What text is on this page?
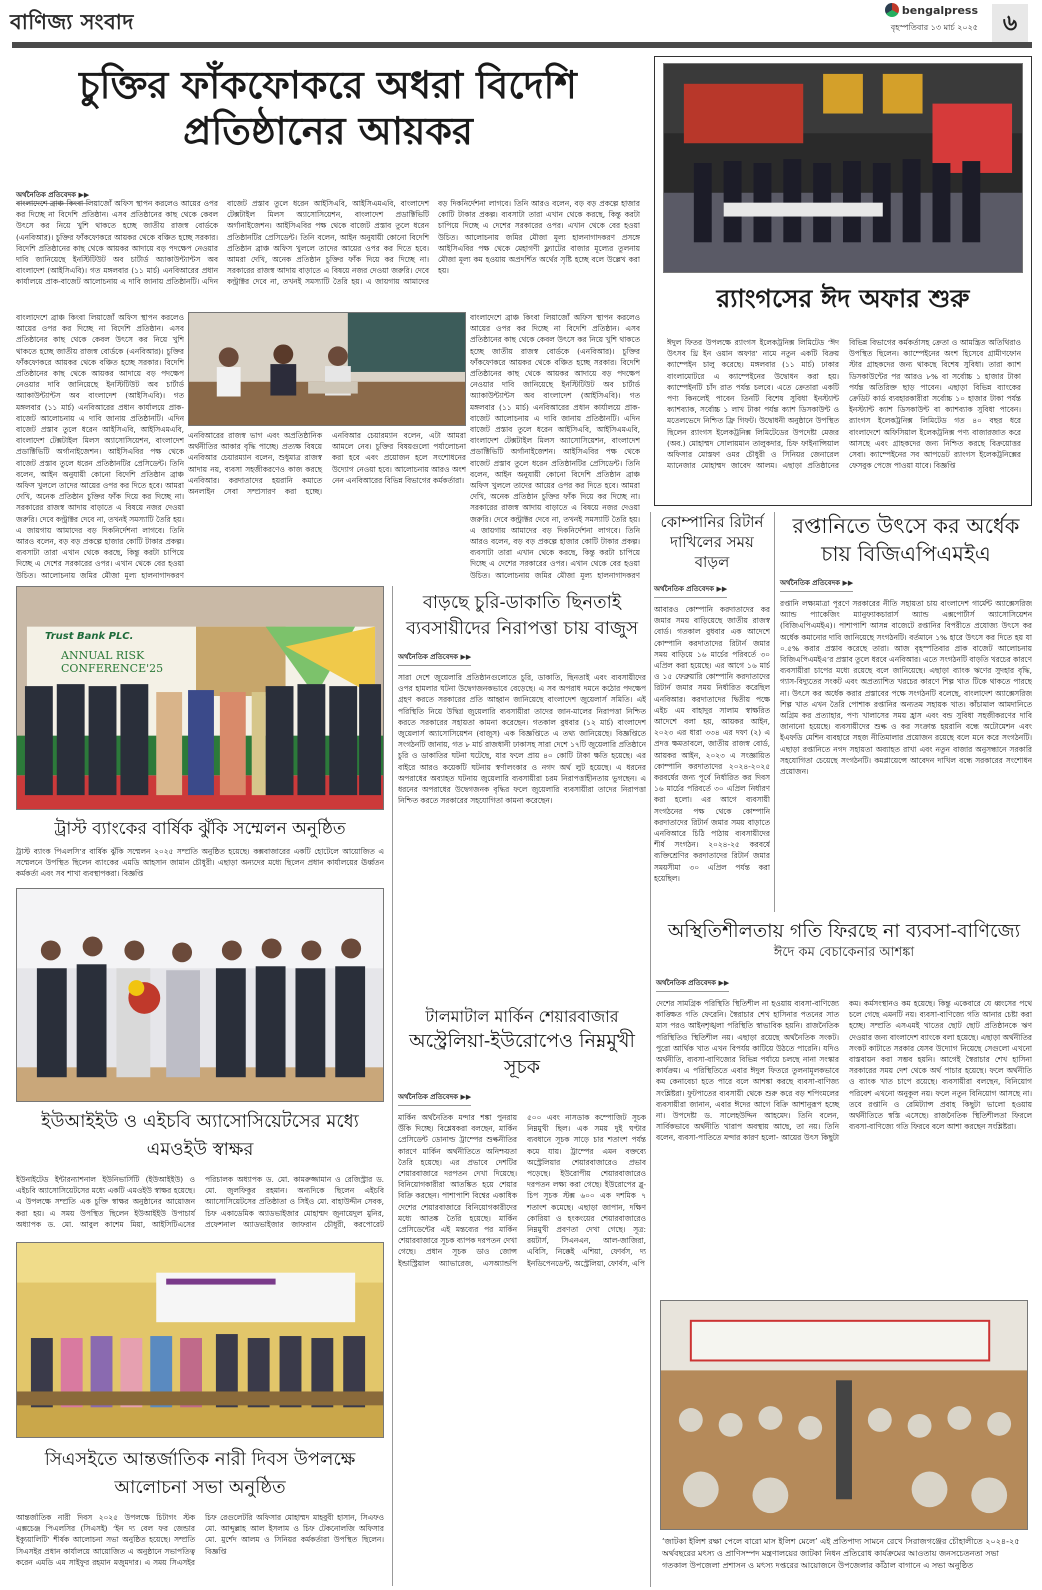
বাণিজ্য সংবাদ	bengalpress
বৃহস্পতিবার ১৩ মার্চ ২০২৫	৬
চুক্তির ফাঁকফোকরে অধরা বিদেশি প্রতিষ্ঠানের আয়কর
অর্থনৈতিক প্রতিবেদক ▶▶
বাংলাদেশে ব্রাঞ্চ কিংবা লিয়াজোঁ অফিস স্থাপন করলেও আয়ের ওপর কর দিচ্ছে না বিদেশি প্রতিষ্ঠান। এসব প্রতিষ্ঠানের কাছ থেকে কেবল উৎসে কর নিয়ে খুশি থাকতে হচ্ছে জাতীয় রাজস্ব বোর্ডকে (এনবিআর)। চুক্তির ফাঁকফোকরে আয়কর থেকে বঞ্চিত হচ্ছে সরকার। বিদেশি প্রতিষ্ঠানের কাছ থেকে আয়কর আদায়ে বড় পদক্ষেপ নেওয়ার দাবি জানিয়েছে ইনস্টিটিউট অব চার্টার্ড অ্যাকাউন্ট্যান্টস অব বাংলাদেশ (আইসিএবি)। গত মঙ্গলবার (১১ মার্চ) এনবিআরের প্রধান কার্যালয়ে প্রাক-বাজেট আলোচনায় এ দাবি জানায় প্রতিষ্ঠানটি। এদিন বাজেট প্রস্তাব তুলে ধরেন আইসিএবি, আইসিএমএবি, বাংলাদেশ টেক্সটাইল মিলস অ্যাসোসিয়েশন, বাংলাদেশ প্রডাক্টিভিটি অর্গানাইজেশন। আইসিএবির পক্ষ থেকে বাজেট প্রস্তাব তুলে ধরেন প্রতিষ্ঠানটির প্রেসিডেন্ট। তিনি বলেন, আইন অনুযায়ী কোনো বিদেশি প্রতিষ্ঠান ব্রাঞ্চ অফিস খুললে তাদের আয়ের ওপর কর দিতে হবে। আমরা দেখি, অনেক প্রতিষ্ঠান চুক্তির ফাঁক দিয়ে কর দিচ্ছে না। সরকারের রাজস্ব আদায় বাড়াতে এ বিষয়ে নজর দেওয়া জরুরি। দেবে কন্ট্রাক্টর দেবে না, তখনই সমস্যাটি তৈরি হয়। এ জায়গায় আমাদের বড় দিকনির্দেশনা লাগবে। তিনি আরও বলেন, বড় বড় প্রকল্পে হাজার কোটি টাকার প্রকল্প। ব্যবসাটা তারা এখান থেকে করছে, কিন্তু করটা চাপিয়ে দিচ্ছে এ দেশের সরকারের ওপর। এখান থেকে বের হওয়া উচিত। আলোচনায় জমির মৌজা মূল্য হালনাগাদকরণ প্রসঙ্গে আইসিএবির পক্ষ থেকে মেহাগণী ফ্ল্যাটের বাজার মূল্যের তুলনায় মৌজা মূল্য কম হওয়ায় অপ্রদর্শিত অর্থের সৃষ্টি হচ্ছে বলে উল্লেখ করা হয়।
বাংলাদেশে ব্রাঞ্চ কিংবা লিয়াজোঁ অফিস স্থাপন করলেও আয়ের ওপর কর দিচ্ছে না বিদেশি প্রতিষ্ঠান। এসব প্রতিষ্ঠানের কাছ থেকে কেবল উৎসে কর নিয়ে খুশি থাকতে হচ্ছে জাতীয় রাজস্ব বোর্ডকে (এনবিআর)। চুক্তির ফাঁকফোকরে আয়কর থেকে বঞ্চিত হচ্ছে সরকার। বিদেশি প্রতিষ্ঠানের কাছ থেকে আয়কর আদায়ে বড় পদক্ষেপ নেওয়ার দাবি জানিয়েছে ইনস্টিটিউট অব চার্টার্ড অ্যাকাউন্ট্যান্টস অব বাংলাদেশ (আইসিএবি)। গত মঙ্গলবার (১১ মার্চ) এনবিআরের প্রধান কার্যালয়ে প্রাক-বাজেট আলোচনায় এ দাবি জানায় প্রতিষ্ঠানটি। এদিন বাজেট প্রস্তাব তুলে ধরেন আইসিএবি, আইসিএমএবি, বাংলাদেশ টেক্সটাইল মিলস অ্যাসোসিয়েশন, বাংলাদেশ প্রডাক্টিভিটি অর্গানাইজেশন। আইসিএবির পক্ষ থেকে বাজেট প্রস্তাব তুলে ধরেন প্রতিষ্ঠানটির প্রেসিডেন্ট। তিনি বলেন, আইন অনুযায়ী কোনো বিদেশি প্রতিষ্ঠান ব্রাঞ্চ অফিস খুললে তাদের আয়ের ওপর কর দিতে হবে। আমরা দেখি, অনেক প্রতিষ্ঠান চুক্তির ফাঁক দিয়ে কর দিচ্ছে না। সরকারের রাজস্ব আদায় বাড়াতে এ বিষয়ে নজর দেওয়া জরুরি। দেবে কন্ট্রাক্টর দেবে না, তখনই সমস্যাটি তৈরি হয়। এ জায়গায় আমাদের বড় দিকনির্দেশনা লাগবে। তিনি আরও বলেন, বড় বড় প্রকল্পে হাজার কোটি টাকার প্রকল্প। ব্যবসাটা তারা এখান থেকে করছে, কিন্তু করটা চাপিয়ে দিচ্ছে এ দেশের সরকারের ওপর। এখান থেকে বের হওয়া উচিত। আলোচনায় জমির মৌজা মূল্য হালনাগাদকরণ
বাংলাদেশে ব্রাঞ্চ কিংবা লিয়াজোঁ অফিস স্থাপন করলেও আয়ের ওপর কর দিচ্ছে না বিদেশি প্রতিষ্ঠান। এসব প্রতিষ্ঠানের কাছ থেকে কেবল উৎসে কর নিয়ে খুশি থাকতে হচ্ছে জাতীয় রাজস্ব বোর্ডকে (এনবিআর)। চুক্তির ফাঁকফোকরে আয়কর থেকে বঞ্চিত হচ্ছে সরকার। বিদেশি প্রতিষ্ঠানের কাছ থেকে আয়কর আদায়ে বড় পদক্ষেপ নেওয়ার দাবি জানিয়েছে ইনস্টিটিউট অব চার্টার্ড অ্যাকাউন্ট্যান্টস অব বাংলাদেশ (আইসিএবি)। গত মঙ্গলবার (১১ মার্চ) এনবিআরের প্রধান কার্যালয়ে প্রাক-বাজেট আলোচনায় এ দাবি জানায় প্রতিষ্ঠানটি। এদিন বাজেট প্রস্তাব তুলে ধরেন আইসিএবি, আইসিএমএবি, বাংলাদেশ টেক্সটাইল মিলস অ্যাসোসিয়েশন, বাংলাদেশ প্রডাক্টিভিটি অর্গানাইজেশন। আইসিএবির পক্ষ থেকে বাজেট প্রস্তাব তুলে ধরেন প্রতিষ্ঠানটির প্রেসিডেন্ট। তিনি বলেন, আইন অনুযায়ী কোনো বিদেশি প্রতিষ্ঠান ব্রাঞ্চ অফিস খুললে তাদের আয়ের ওপর কর দিতে হবে। আমরা দেখি, অনেক প্রতিষ্ঠান চুক্তির ফাঁক দিয়ে কর দিচ্ছে না। সরকারের রাজস্ব আদায় বাড়াতে এ বিষয়ে নজর দেওয়া জরুরি। দেবে কন্ট্রাক্টর দেবে না, তখনই সমস্যাটি তৈরি হয়। এ জায়গায় আমাদের বড় দিকনির্দেশনা লাগবে। তিনি আরও বলেন, বড় বড় প্রকল্পে হাজার কোটি টাকার প্রকল্প। ব্যবসাটা তারা এখান থেকে করছে, কিন্তু করটা চাপিয়ে দিচ্ছে এ দেশের সরকারের ওপর। এখান থেকে বের হওয়া উচিত। আলোচনায় জমির মৌজা মূল্য হালনাগাদকরণ
এনবিআরের রাজস্ব ভাগ এবং অপ্রতিষ্ঠানিক অর্থনীতির আকার বৃদ্ধি পাচ্ছে। প্রত্যক্ষ বিষয়ে এনবিআর চেয়ারম্যান বলেন, শুধুমাত্র রাজস্ব আদায় নয়, ব্যবসা সহজীকরণেও কাজ করছে এনবিআর। করদাতাদের হয়রানি কমাতে অনলাইন সেবা সম্প্রসারণ করা হচ্ছে। এনবিআর চেয়ারম্যান বলেন, এটা আমরা আমলে নেব। চুক্তির বিষয়গুলো পর্যালোচনা করা হবে এবং প্রয়োজন হলে সংশোধনের উদ্যোগ নেওয়া হবে। আলোচনায় আরও অংশ নেন এনবিআরের বিভিন্ন বিভাগের কর্মকর্তারা।
র‍্যাংগসের ঈদ অফার শুরু
ঈদুল ফিতর উপলক্ষে র‍্যাংগস ইলেকট্রনিক্স লিমিটেড ‘ঈদ উৎসব থ্রি ইন ওয়ান অফার’ নামে নতুন একটি বিক্রয় ক্যাম্পেইন চালু করেছে। মঙ্গলবার (১১ মার্চ) ঢাকার বাংলামোটরে এ ক্যাম্পেইনের উদ্বোধন করা হয়। ক্যাম্পেইনটি চাঁদ রাত পর্যন্ত চলবে। এতে ক্রেতারা একটি পণ্য কিনলেই পাবেন তিনটি বিশেষ সুবিধা ইনস্ট্যান্ট ক্যাশব্যাক, সর্বোচ্চ ১ লাখ টাকা পর্যন্ত ক্যাশ ডিসকাউন্ট ও মতেলভেদে নিশ্চিত ফ্রি গিফট। উদ্বোধনী অনুষ্ঠানে উপস্থিত ছিলেন র‍্যাংগস ইলেকট্রনিক্স লিমিটেডের উপদেষ্টা মেজর (অব.) মোহাম্মদ সোলায়মান তালুকদার, চিফ ফাইনান্সিয়াল অফিসার মোস্তফা ওমর চৌধুরী ও সিনিয়র জেনারেল ম্যানেজার মোহাম্মদ জাবেদ আলম। এছাড়া প্রতিষ্ঠানের বিভিন্ন বিভাগের কর্মকর্তাসহ ক্রেতা ও আমন্ত্রিত অতিথিরাও উপস্থিত ছিলেন। ক্যাম্পেইনের অংশ হিসেবে গ্রামীণফোন স্টার গ্রাহকদের জন্য থাকছে বিশেষ সুবিধা। তারা ক্যাশ ডিসকাউন্টের পর আরও ৮% বা সর্বোচ্চ ১ হাজার টাকা পর্যন্ত অতিরিক্ত ছাড় পাবেন। এছাড়া বিভিন্ন ব্যাংকের ক্রেডিট কার্ড ব্যবহারকারীরা সর্বোচ্চ ১০ হাজার টাকা পর্যন্ত ইনস্ট্যান্ট ক্যাশ ডিসকাউন্ট বা ক্যাশব্যাক সুবিধা পাবেন। র‍্যাংগস ইলেকট্রনিক্স লিমিটেড গত ৪০ বছর ধরে বাংলাদেশে অফিসিয়াল ইলেকট্রনিক্স পণ্য বাজারজাত করে আসছে এবং গ্রাহকদের জন্য নিশ্চিত করছে বিক্রয়োত্তর সেবা। ক্যাম্পেইনের সব আপডেট র‍্যাংগস ইলেকট্রনিক্সের ফেসবুক পেজে পাওয়া যাবে। বিজ্ঞপ্তি
কোম্পানির রিটার্ন দাখিলের সময় বাড়ল
অর্থনৈতিক প্রতিবেদক ▶▶
আবারও কোম্পানি করদাতাদের কর জমার সময় বাড়িয়েছে জাতীয় রাজস্ব বোর্ড। গতকাল বুধবার এক আদেশে কোম্পানি করদাতাদের রিটার্ন জমার সময় বাড়িয়ে ১৬ মার্চের পরিবর্তে ৩০ এপ্রিল করা হয়েছে। এর আগে ১৬ মার্চ ও ১৫ ফেব্রুয়ারি কোম্পানি করদাতাদের রিটার্ন জমার সময় নির্ধারিত করেছিল এনবিআর। করদাতাদের দ্বিতীয় পক্ষে এইচ এম বাহাদুর সালাম স্বাক্ষরিত আদেশে বলা হয়, আয়কর আইন, ২০২৩ এর ধারা ৩৩৪ এর দফা (২) এ প্রদত্ত ক্ষমতাবলে, জাতীয় রাজস্ব বোর্ড, আয়কর আইন, ২০২৩ এ সংজ্ঞায়িত কোম্পানি করদাতাদের ২০২৪-২০২৫ করবর্ষের জন্য পূর্বে নির্ধারিত কর দিবস ১৬ মার্চের পরিবর্তে ৩০ এপ্রিল নির্ধারণ করা হলো। এর আগে ব্যবসায়ী সংগঠনের পক্ষ থেকে কোম্পানি করদাতাদের রিটার্ন জমার সময় বাড়াতে এনবিআরে চিঠি পাঠায় ব্যবসায়ীদের শীর্ষ সংগঠন। ২০২৪-২৫ করবর্ষে ব্যক্তিশ্রেণির করদাতাদের রিটার্ন জমার সময়সীমা ৩০ এপ্রিল পর্যন্ত করা হয়েছিল।
রপ্তানিতে উৎসে কর অর্ধেক চায় বিজিএপিএমইএ
অর্থনৈতিক প্রতিবেদক ▶▶
রপ্তানি লক্ষ্যমাত্রা পূরণে সরকারের নীতি সহায়তা চায় বাংলাদেশ গার্মেন্ট অ্যাক্সেসরিজ অ্যান্ড প্যাকেজিং ম্যানুফ্যাকচারার্স অ্যান্ড এক্সপোর্টার্স অ্যাসোসিয়েশন (বিজিএপিএমইএ)। পাশাপাশি আসন্ন বাজেটে রপ্তানির বিপরীতে প্রযোজ্য উৎসে কর অর্ধেক কমানোর দাবি জানিয়েছে সংগঠনটি। বর্তমানে ১% হারে উৎসে কর দিতে হয় যা ০.৫% করার প্রস্তাব করেছে তারা। আজ বৃহস্পতিবার প্রাক বাজেট আলোচনায় বিজিএপিএমইএ’র প্রস্তাব তুলে ধরবে এনবিআর। এতে সংগঠনটি বাড়তি খরচের কারণে ব্যবসায়ীরা চাপের মধ্যে রয়েছে বলে জানিয়েছে। এছাড়া ব্যাংক ঋণের সুদহার বৃদ্ধি, গ্যাস-বিদ্যুতের সংকট এবং অপ্রত্যাশিত খরচের কারণে শিল্প খাত টিকে থাকতে পারছে না। উৎসে কর অর্ধেক করার প্রস্তাবের পক্ষে সংগঠনটি বলেছে, বাংলাদেশ অ্যাক্সেসরিজ শিল্প খাত এখন তৈরি পোশাক রপ্তানির অন্যতম সহায়ক খাত। কাঁচামাল আমদানিতে অগ্রিম কর প্রত্যাহার, পণ্য খালাসের সময় হ্রাস এবং বন্ড সুবিধা সহজীকরণের দাবি জানানো হয়েছে। ব্যবসায়ীদের শুল্ক ও কর সংক্রান্ত হয়রানি বন্ধে অটোমেশন এবং ইএফডি মেশিন ব্যবহারে সহজ নীতিমালার প্রয়োজন রয়েছে বলে মনে করে সংগঠনটি। এছাড়া রপ্তানিতে নগদ সহায়তা অব্যাহত রাখা এবং নতুন বাজার অনুসন্ধানে সরকারি সহযোগিতা চেয়েছে সংগঠনটি। কমপ্লায়েন্সে আবেদন দাখিল বন্ধে সরকারের সংশোধন প্রয়োজন।
Trust Bank PLC.
ANNUAL RISK CONFERENCE'25
ট্রাস্ট ব্যাংকের বার্ষিক ঝুঁকি সম্মেলন অনুষ্ঠিত
ট্রাস্ট ব্যাংক পিএলসি’র বার্ষিক ঝুঁকি সম্মেলন ২০২৫ সম্প্রতি অনুষ্ঠিত হয়েছে। কক্সবাজারের একটি হোটেলে আয়োজিত এ সম্মেলনে উপস্থিত ছিলেন ব্যাংকের এমডি আহসান জামান চৌধুরী। এছাড়া অন্যদের মধ্যে ছিলেন প্রধান কার্যালয়ের ঊর্ধ্বতন কর্মকর্তা এবং সব শাখা ব্যবস্থাপকরা। বিজ্ঞপ্তি
বাড়ছে চুরি-ডাকাতি ছিনতাই ব্যবসায়ীদের নিরাপত্তা চায় বাজুস
অর্থনৈতিক প্রতিবেদক ▶▶
সারা দেশে জুয়েলারি প্রতিষ্ঠানগুলোতে চুরি, ডাকাতি, ছিনতাই এবং ব্যবসায়ীদের ওপর হামলার ঘটনা উদ্বেগজনকভাবে বেড়েছে। এ সব অপরাধ দমনে কঠোর পদক্ষেপ গ্রহণ করতে সরকারের প্রতি আহ্বান জানিয়েছে বাংলাদেশ জুয়েলার্স সমিতি। এই পরিস্থিতি নিয়ে উদ্বিগ্ন জুয়েলারি ব্যবসায়ীরা তাদের জান-মালের নিরাপত্তা নিশ্চিত করতে সরকারের সহায়তা কামনা করেছেন। গতকাল বুধবার (১২ মার্চ) বাংলাদেশ জুয়েলার্স অ্যাসোসিয়েশন (বাজুস) এক বিজ্ঞপ্তিতে এ তথ্য জানিয়েছে। বিজ্ঞপ্তিতে সংগঠনটি জানায়, গত ৮ মার্চ রাজধানী ঢাকাসহ সারা দেশে ১৭টি জুয়েলারি প্রতিষ্ঠানে চুরি ও ডাকাতির ঘটনা ঘটেছে, যার ফলে প্রায় ৪০ কোটি টাকা ক্ষতি হয়েছে। এর বাইরে আরও কয়েকটি ঘটনায় স্বর্ণালংকার ও নগদ অর্থ লুট হয়েছে। এ ধরনের অপরাধের অব্যাহত ঘটনায় জুয়েলারি ব্যবসায়ীরা চরম নিরাপত্তাহীনতায় ভুগছেন। এ ধরনের অপরাধের উদ্বেগজনক বৃদ্ধির ফলে জুয়েলারি ব্যবসায়ীরা তাদের নিরাপত্তা নিশ্চিত করতে সরকারের সহযোগিতা কামনা করেছেন।
টালমাটাল মার্কিন শেয়ারবাজার
অস্ট্রেলিয়া-ইউরোপেও নিম্নমুখী সূচক
অর্থনৈতিক প্রতিবেদক ▶▶
মার্কিন অর্থনৈতিক মন্দার শঙ্কা পুনরায় উঁকি দিচ্ছে। বিশ্লেষকরা বলছেন, মার্কিন প্রেসিডেন্ট ডোনাল্ড ট্রাম্পের শুল্কনীতির কারণে মার্কিন অর্থনীতিতে অনিশ্চয়তা তৈরি হয়েছে। এর প্রভাবে দেশটির শেয়ারবাজারে দরপতন দেখা দিয়েছে। বিনিয়োগকারীরা আতঙ্কিত হয়ে শেয়ার বিক্রি করছেন। পাশাপাশি বিশ্বের একাধিক দেশের শেয়ারবাজারে বিনিয়োগকারীদের মধ্যে আতঙ্ক তৈরি হয়েছে। মার্কিন প্রেসিডেন্টের এই মন্তব্যের পর মার্কিন শেয়ারবাজারে সূচক ব্যাপক দরপতন দেখা গেছে। প্রধান সূচক ডাও জোন্স ইন্ডাস্ট্রিয়াল অ্যাভারেজ, এসঅ্যান্ডপি ৫০০ এবং নাসডাক কম্পোজিট সূচক নিম্নমুখী ছিল। এক সময় দুই ঘণ্টার ব্যবধানে সূচক সাড়ে চার শতাংশ পর্যন্ত কমে যায়। ট্রাম্পের এমন বক্তব্যে অস্ট্রেলিয়ার শেয়ারবাজারেও প্রভাব পড়েছে। ইউরোপীয় শেয়ারবাজারেও দরপতন লক্ষ্য করা গেছে। ইউরোপের ব্লু-চিপ সূচক স্টক্স ৬০০ এক দশমিক ৭ শতাংশ কমেছে। এছাড়া জাপান, দক্ষিণ কোরিয়া ও হংকংয়ের শেয়ারবাজারেও নিম্নমুখী প্রবণতা দেখা গেছে। সূত্র: রয়টার্স, সিএনএন, আল-জাজিরা, এবিসি, নিক্কেই এশিয়া, ফোর্বস, দ্য ইনডিপেনডেন্ট, অস্ট্রেলিয়া, ফোর্বস, এপি
অস্থিতিশীলতায় গতি ফিরছে না ব্যবসা-বাণিজ্যে
ঈদে কম বেচাকেনার আশঙ্কা
অর্থনৈতিক প্রতিবেদক ▶▶
দেশের সামগ্রিক পরিস্থিতি স্থিতিশীল না হওয়ায় ব্যবসা-বাণিজ্যে কাঙ্ক্ষিত গতি ফেরেনি। স্বৈরাচার শেখ হাসিনার পতনের সাত মাস পরও আইনশৃঙ্খলা পরিস্থিতি স্বাভাবিক হয়নি। রাজনৈতিক পরিস্থিতিও স্থিতিশীল নয়। এছাড়া রয়েছে অর্থনৈতিক সংকট। পুরো আর্থিক খাত এখন বিপর্যয় কাটিয়ে উঠতে পারেনি। যদিও অর্থনীতি, ব্যবসা-বাণিজ্যের বিভিন্ন পর্যায়ে চলছে নানা সংস্কার কার্যক্রম। এ পরিস্থিতিতে এবার ঈদুল ফিতরে তুলনামূলকভাবে কম কেনাবেচা হতে পারে বলে আশঙ্কা করছে ব্যবসা-বাণিজ্য সংশ্লিষ্টরা। ফুটপাতের ব্যবসায়ী থেকে শুরু করে বড় শপিংমলের ব্যবসায়ীরা জানান, এবার ঈদের আগে বিক্রি আশানুরূপ হচ্ছে না। উপদেষ্টা ড. সালেহউদ্দিন আহমেদ। তিনি বলেন, সার্বিকভাবে অর্থনীতি খারাপ অবস্থায় আছে, তা নয়। তিনি বলেন, ব্যবসা-পাতিতে মন্দার কারণ হলো- আয়ের উৎস কিছুটা কম। কর্মসংস্থানও কম হয়েছে। কিন্তু একেবারে যে ধ্বংসের পথে চলে গেছে এমনটি নয়। ব্যবসা-বাণিজ্যে গতি আনার চেষ্টা করা হচ্ছে। সম্প্রতি এসএমই খাতের ছোট ছোট প্রতিষ্ঠানকে ঋণ দেওয়ার জন্য বাংলাদেশ ব্যাংকে বলা হয়েছে। এছাড়া অর্থনীতির সংকট কাটাতে সরকার যেসব উদ্যোগ নিয়েছে সেগুলো এখনো বাস্তবায়ন করা সম্ভব হয়নি। আগেই স্বৈরাচার শেখ হাসিনা সরকারের সময় দেশ থেকে অর্থ পাচার হয়েছে। ফলে অর্থনীতি ও ব্যাংক খাত চাপে রয়েছে। ব্যবসায়ীরা বলছেন, বিনিয়োগ পরিবেশ এখনো অনুকূল নয়। ফলে নতুন বিনিয়োগ আসছে না। তবে রপ্তানি ও রেমিট্যান্স প্রবাহ কিছুটা ভালো হওয়ায় অর্থনীতিতে স্বস্তি এসেছে। রাজনৈতিক স্থিতিশীলতা ফিরলে ব্যবসা-বাণিজ্যে গতি ফিরবে বলে আশা করছেন সংশ্লিষ্টরা।
‘জাটকা ইলিশ রক্ষা পেলে বারো মাস ইলিশ মেলে’ এই প্রতিপাদ্য সামনে রেখে সিরাজগঞ্জের চৌহালীতে ২০২৪-২৫ অর্থবছরের মৎস্য ও প্রাণিসম্পদ মন্ত্রণালয়ের জাটকা নিধন প্রতিরোধ কার্যক্রমের আওতায় জনসচেতনতা সভা গতকাল উপজেলা প্রশাসন ও মৎস্য দপ্তরের আয়োজনে উপজেলার কাঁঠাল বাগানে এ সভা অনুষ্ঠিত
ইউআইইউ ও এইচবি অ্যাসোসিয়েটসের মধ্যে এমওইউ স্বাক্ষর
ইউনাইটেড ইন্টারন্যাশনাল ইউনিভার্সিটি (ইউআইইউ) ও এইচবি অ্যাসোসিয়েটসের মধ্যে একটি এমওইউ স্বাক্ষর হয়েছে। এ উপলক্ষে সম্প্রতি এক চুক্তি স্বাক্ষর অনুষ্ঠানের আয়োজন করা হয়। এ সময় উপস্থিত ছিলেন ইউআইইউ উপাচার্য অধ্যাপক ড. মো. আবুল কাশেম মিয়া, আইসিটিএসের পরিচালক অধ্যাপক ড. মো. কামরুজ্জামান ও রেজিস্ট্রার ড. মো. জুলফিকুর রহমান। অন্যদিকে ছিলেন এইচবি অ্যাসোসিয়েটসের প্রতিষ্ঠাতা ও সিইও মো. বাহাউদ্দীন সেবক, চিফ একাডেমিক অ্যাডভাইজার মোহাম্মদ জুনায়েদুল মুনির, প্রফেশনাল অ্যাডভাইজার জাফরান চৌধুরী, করপোরেট
সিএসইতে আন্তর্জাতিক নারী দিবস উপলক্ষে আলোচনা সভা অনুষ্ঠিত
আন্তর্জাতিক নারী দিবস ২০২৫ উপলক্ষে চিটাগং স্টক এক্সচেঞ্জ পিএলসির (সিএসই) ‘ইন দ্য বেল ফর জেন্ডার ইক্যুয়ালিটি’ শীর্ষক আলোচনা সভা অনুষ্ঠিত হয়েছে। সম্প্রতি সিএসইর প্রধান কার্যালয়ে আয়োজিত এ অনুষ্ঠানে সভাপতিত্ব করেন এমডি এম সাইফুর রহমান মজুমদার। এ সময় সিএসইর চিফ রেগুলেটরি অফিসার মোহাম্মদ মাহবুবী হাসান, সিএফও মো. আব্দুল্লাহ আল ইসলাম ও চিফ টেকনোলজি অফিসার মো. মুর্শেদ আলম ও সিনিয়র কর্মকর্তারা উপস্থিত ছিলেন। বিজ্ঞপ্তি
